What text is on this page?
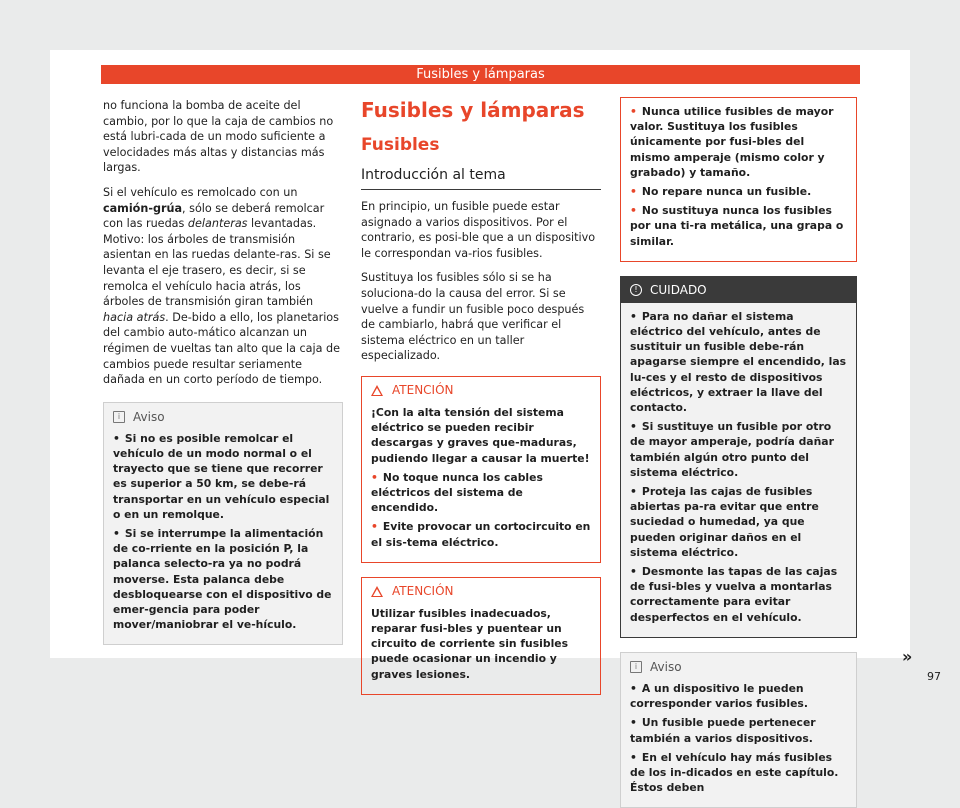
Fusibles y lámparas

no funciona la bomba de aceite del cambio, por lo que la caja de cambios no está lubri-cada de un modo suficiente a velocidades más altas y distancias más largas.

Si el vehículo es remolcado con un camión-grúa, sólo se deberá remolcar con las ruedas delanteras levantadas. Motivo: los árboles de transmisión asientan en las ruedas delante-ras. Si se levanta el eje trasero, es decir, si se remolca el vehículo hacia atrás, los árboles de transmisión giran también hacia atrás. De-bido a ello, los planetarios del cambio auto-mático alcanzan un régimen de vueltas tan alto que la caja de cambios puede resultar seriamente dañada en un corto período de tiempo.

i Aviso

• Si no es posible remolcar el vehículo de un modo normal o el trayecto que se tiene que recorrer es superior a 50 km, se debe-rá transportar en un vehículo especial o en un remolque.

• Si se interrumpe la alimentación de co-rriente en la posición P, la palanca selecto-ra ya no podrá moverse. Esta palanca debe desbloquearse con el dispositivo de emer-gencia para poder mover/maniobrar el ve-hículo.

Fusibles y lámparas
Fusibles
Introducción al tema

En principio, un fusible puede estar asignado a varios dispositivos. Por el contrario, es posi-ble que a un dispositivo le correspondan va-rios fusibles.

Sustituya los fusibles sólo si se ha soluciona-do la causa del error. Si se vuelve a fundir un fusible poco después de cambiarlo, habrá que verificar el sistema eléctrico en un taller especializado.

ATENCIÓN

¡Con la alta tensión del sistema eléctrico se pueden recibir descargas y graves que-maduras, pudiendo llegar a causar la muerte!

• No toque nunca los cables eléctricos del sistema de encendido.

• Evite provocar un cortocircuito en el sis-tema eléctrico.

ATENCIÓN

Utilizar fusibles inadecuados, reparar fusi-bles y puentear un circuito de corriente sin fusibles puede ocasionar un incendio y graves lesiones.

• Nunca utilice fusibles de mayor valor. Sustituya los fusibles únicamente por fusi-bles del mismo amperaje (mismo color y grabado) y tamaño.

• No repare nunca un fusible.

• No sustituya nunca los fusibles por una ti-ra metálica, una grapa o similar.

! CUIDADO

• Para no dañar el sistema eléctrico del vehículo, antes de sustituir un fusible debe-rán apagarse siempre el encendido, las lu-ces y el resto de dispositivos eléctricos, y extraer la llave del contacto.

• Si sustituye un fusible por otro de mayor amperaje, podría dañar también algún otro punto del sistema eléctrico.

• Proteja las cajas de fusibles abiertas pa-ra evitar que entre suciedad o humedad, ya que pueden originar daños en el sistema eléctrico.

• Desmonte las tapas de las cajas de fusi-bles y vuelva a montarlas correctamente para evitar desperfectos en el vehículo.

i Aviso

• A un dispositivo le pueden corresponder varios fusibles.

• Un fusible puede pertenecer también a varios dispositivos.

• En el vehículo hay más fusibles de los in-dicados en este capítulo. Éstos deben

»
97
